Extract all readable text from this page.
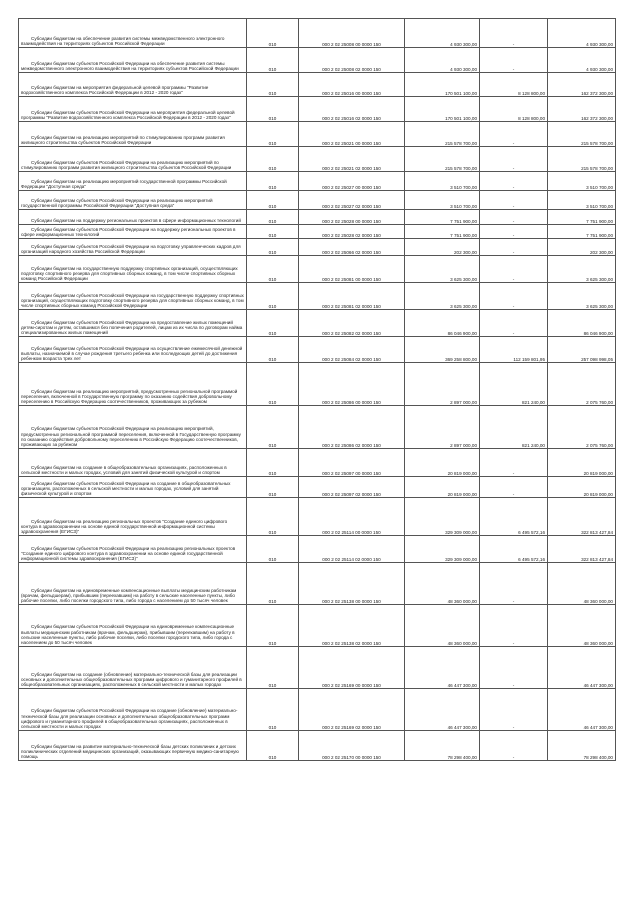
Субсидии бюджетам на обеспечение развития системы межведомственного электронного взаимодействия на территориях субъектов Российской Федерации	010	000 2 02 25008 00 0000 150	4 930 300,00	-	4 930 300,00
Субсидии бюджетам субъектов Российской Федерации на обеспечение развития системы межведомственного электронного взаимодействия на территориях субъектов Российской Федерации	010	000 2 02 25008 02 0000 150	4 930 300,00	-	4 930 300,00
Субсидии бюджетам на мероприятия федеральной целевой программы "Развитие водохозяйственного комплекса Российской Федерации в 2012 - 2020 годах"	010	000 2 02 25016 00 0000 150	170 501 100,00	8 128 800,00	162 372 300,00
Субсидии бюджетам субъектов Российской Федерации на мероприятия федеральной целевой программы "Развитие водохозяйственного комплекса Российской Федерации в 2012 - 2020 годах"	010	000 2 02 25016 02 0000 150	170 501 100,00	8 128 800,00	162 372 300,00
Субсидии бюджетам на реализацию мероприятий по стимулированию программ развития жилищного строительства субъектов Российской Федерации	010	000 2 02 25021 00 0000 150	215 578 700,00	-	215 578 700,00
Субсидии бюджетам субъектов Российской Федерации на реализацию мероприятий по стимулированию программ развития жилищного строительства субъектов Российской Федерации	010	000 2 02 25021 02 0000 150	215 578 700,00	-	215 578 700,00
Субсидии бюджетам на реализацию мероприятий государственной программы Российской Федерации "Доступная среда"	010	000 2 02 25027 00 0000 150	3 510 700,00	-	3 510 700,00
Субсидии бюджетам субъектов Российской Федерации на реализацию мероприятий государственной программы Российской Федерации "Доступная среда"	010	000 2 02 25027 02 0000 150	3 510 700,00	-	3 510 700,00
Субсидии бюджетам на поддержку региональных проектов в сфере информационных технологий	010	000 2 02 25028 00 0000 150	7 751 900,00	-	7 751 900,00
Субсидии бюджетам субъектов Российской Федерации на поддержку региональных проектов в сфере информационных технологий	010	000 2 02 25028 02 0000 150	7 751 900,00	-	7 751 900,00
Субсидии бюджетам субъектов Российской Федерации на подготовку управленческих кадров для организаций народного хозяйства Российской Федерации	010	000 2 02 25066 02 0000 150	202 300,00	-	202 300,00
Субсидии бюджетам на государственную поддержку спортивных организаций, осуществляющих подготовку спортивного резерва для спортивных сборных команд, в том числе спортивных сборных команд Российской Федерации	010	000 2 02 25081 00 0000 150	3 625 300,00	-	3 625 300,00
Субсидии бюджетам субъектов Российской Федерации на государственную поддержку спортивных организаций, осуществляющих подготовку спортивного резерва для спортивных сборных команд, в том числе спортивных сборных команд Российской Федерации	010	000 2 02 25081 02 0000 150	3 625 300,00	-	3 625 300,00
Субсидии бюджетам субъектов Российской Федерации на предоставление жилых помещений детям-сиротам и детям, оставшимся без попечения родителей, лицам из их числа по договорам найма специализированных жилых помещений	010	000 2 02 25082 02 0000 150	86 046 900,00	-	86 046 900,00
Субсидии бюджетам субъектов Российской Федерации на осуществление ежемесячной денежной выплаты, назначаемой в случае рождения третьего ребенка или последующих детей до достижения ребенком возраста трех лет	010	000 2 02 25084 02 0000 150	369 258 800,00	112 159 801,95	257 098 998,05
Субсидии бюджетам на реализацию мероприятий, предусмотренных региональной программой переселения, включенной в Государственную программу по оказанию содействия добровольному переселению в Российскую Федерацию соотечественников, проживающих за рубежом	010	000 2 02 25086 00 0000 150	2 897 000,00	821 240,00	2 075 760,00
Субсидии бюджетам субъектов Российской Федерации на реализацию мероприятий, предусмотренных региональной программой переселения, включенной в Государственную программу по оказанию содействия добровольному переселению в Российскую Федерацию соотечественников, проживающих за рубежом	010	000 2 02 25086 02 0000 150	2 897 000,00	821 240,00	2 075 760,00
Субсидии бюджетам на создание в общеобразовательных организациях, расположенных в сельской местности и малых городах, условий для занятий физической культурой и спортом	010	000 2 02 25097 00 0000 150	20 819 000,00	-	20 819 000,00
Субсидии бюджетам субъектов Российской Федерации на создание в общеобразовательных организациях, расположенных в сельской местности и малых городах, условий для занятий физической культурой и спортом	010	000 2 02 25097 02 0000 150	20 819 000,00	-	20 819 000,00
Субсидии бюджетам на реализацию региональных проектов "Создание единого цифрового контура в здравоохранении на основе единой государственной информационной системы здравоохранения (ЕГИСЗ)"	010	000 2 02 25114 00 0000 150	329 309 000,00	6 495 572,16	322 813 427,84
Субсидии бюджетам субъектов Российской Федерации на реализацию региональных проектов "Создание единого цифрового контура в здравоохранении на основе единой государственной информационной системы здравоохранения (ЕГИСЗ)"	010	000 2 02 25114 02 0000 150	329 309 000,00	6 495 572,16	322 813 427,84
Субсидии бюджетам на единовременные компенсационные выплаты медицинским работникам (врачам, фельдшерам), прибывшим (переехавшим) на работу в сельские населенные пункты, либо рабочие поселки, либо поселки городского типа, либо города с населением до 50 тысяч человек	010	000 2 02 25138 00 0000 150	48 360 000,00	-	48 360 000,00
Субсидии бюджетам субъектов Российской Федерации на единовременные компенсационные выплаты медицинским работникам (врачам, фельдшерам), прибывшим (переехавшим) на работу в сельские населенные пункты, либо рабочие поселки, либо поселки городского типа, либо города с населением до 50 тысяч человек	010	000 2 02 25138 02 0000 150	48 360 000,00	-	48 360 000,00
Субсидии бюджетам на создание (обновление) материально-технической базы для реализации основных и дополнительных общеобразовательных программ цифрового и гуманитарного профилей в общеобразовательных организациях, расположенных в сельской местности и малых городах	010	000 2 02 25169 00 0000 150	46 447 300,00	-	46 447 300,00
Субсидии бюджетам субъектов Российской Федерации на создание (обновление) материально-технической базы для реализации основных и дополнительных общеобразовательных программ цифрового и гуманитарного профилей в общеобразовательных организациях, расположенных в сельской местности и малых городах	010	000 2 02 25169 02 0000 150	46 447 300,00	-	46 447 300,00
Субсидии бюджетам на развитие материально-технической базы детских поликлиник и детских поликлинических отделений медицинских организаций, оказывающих первичную медико-санитарную помощь	010	000 2 02 25170 00 0000 150	78 298 400,00	-	78 298 400,00
